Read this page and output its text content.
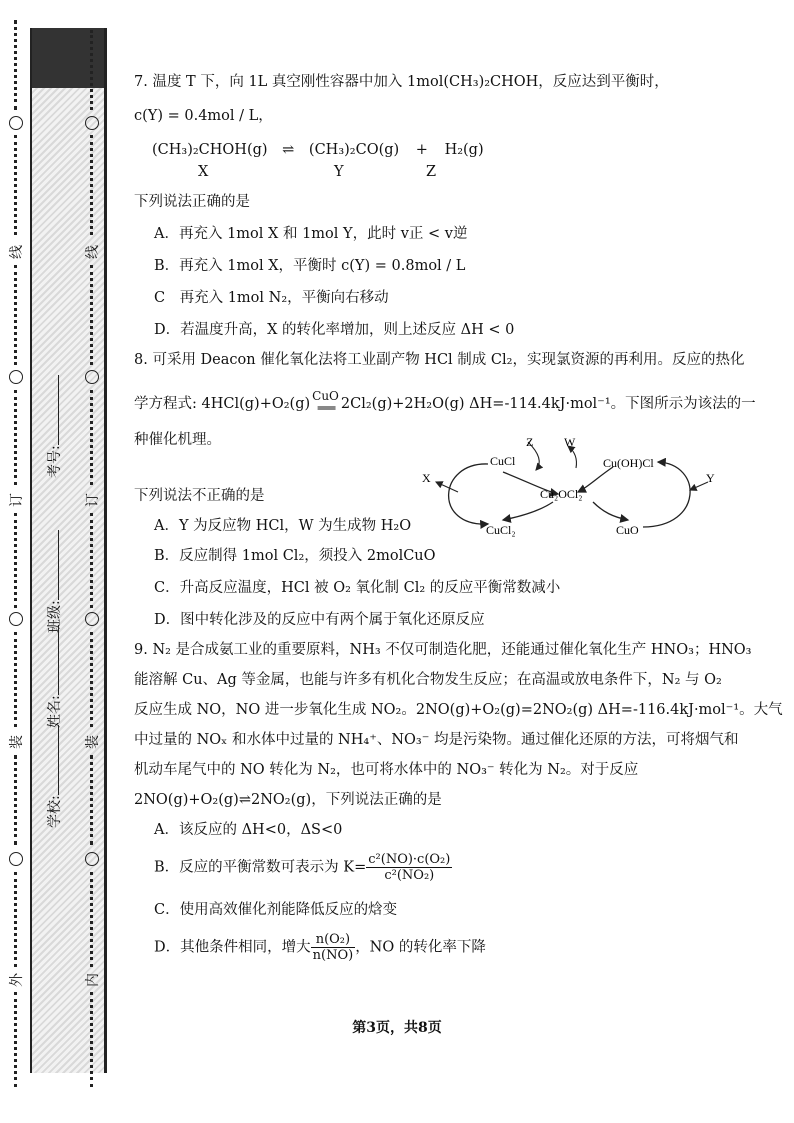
线
订
装
外
考号:
班级:
姓名:
学校:
线
订
装
内
7. 温度 T 下，向 1L 真空刚性容器中加入 1mol(CH₃)₂CHOH，反应达到平衡时，
c(Y) = 0.4mol / L，
(CH₃)₂CHOH(g) ⇌ (CH₃)₂CO(g) + H₂(g)
X	Y	Z
下列说法正确的是
A．再充入 1mol X 和 1mol Y，此时 v正 < v逆
B．再充入 1mol X，平衡时 c(Y) = 0.8mol / L
C　再充入 1mol N₂，平衡向右移动
D．若温度升高，X 的转化率增加，则上述反应 ΔH < 0
8. 可采用 Deacon 催化氧化法将工业副产物 HCl 制成 Cl₂，实现氯资源的再利用。反应的热化
学方程式: 4HCl(g)+O₂(g) CuO
═══ 2Cl₂(g)+2H₂O(g) ΔH=-114.4kJ·mol⁻¹。下图所示为该法的一
种催化机理。
下列说法不正确的是
A．Y 为反应物 HCl，W 为生成物 H₂O
B．反应制得 1mol Cl₂，须投入 2molCuO
C．升高反应温度，HCl 被 O₂ 氧化制 Cl₂ 的反应平衡常数减小
D．图中转化涉及的反应中有两个属于氧化还原反应
9. N₂ 是合成氨工业的重要原料，NH₃ 不仅可制造化肥，还能通过催化氧化生产 HNO₃；HNO₃
能溶解 Cu、Ag 等金属，也能与许多有机化合物发生反应；在高温或放电条件下，N₂ 与 O₂
反应生成 NO，NO 进一步氧化生成 NO₂。2NO(g)+O₂(g)=2NO₂(g) ΔH=-116.4kJ·mol⁻¹。大气
中过量的 NOₓ 和水体中过量的 NH₄⁺、NO₃⁻ 均是污染物。通过催化还原的方法，可将烟气和
机动车尾气中的 NO 转化为 N₂，也可将水体中的 NO₃⁻ 转化为 N₂。对于反应
2NO(g)+O₂(g)⇌2NO₂(g)，下列说法正确的是
A．该反应的 ΔH<0，ΔS<0
B．反应的平衡常数可表示为 $K= \frac{\text{c²(NO)·c(O₂)}}{\text{c²(NO₂)}}$
C．使用高效催化剂能降低反应的焓变
D．其他条件相同，增大 $\frac{\text{n(O₂)}}{n(NO)}$ ，NO 的转化率下降
CuCl	Cu(OH)Cl
Cu₂OCl₂
CuCl₂	CuO
X	Y
Z	W
第3页，共8页
